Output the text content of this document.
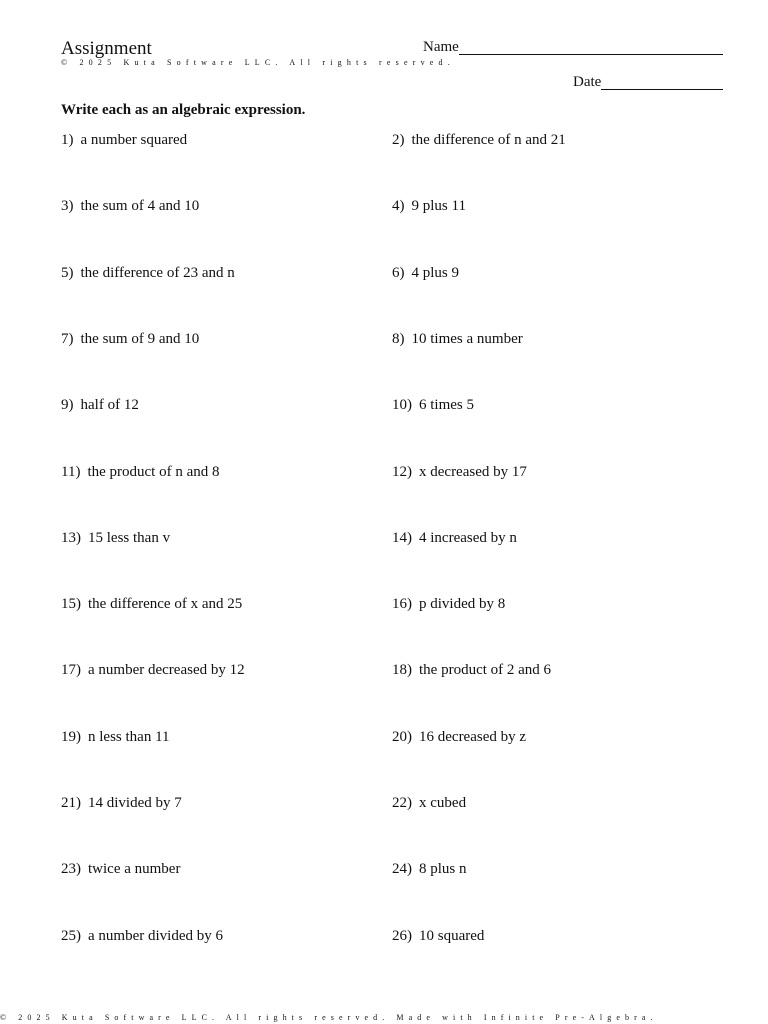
Assignment
© 2025 Kuta Software LLC. All rights reserved.
Name
Date
Write each as an algebraic expression.
1) a number squared	2) the difference of n and 21
3) the sum of 4 and 10	4) 9 plus 11
5) the difference of 23 and n	6) 4 plus 9
7) the sum of 9 and 10	8) 10 times a number
9) half of 12	10) 6 times 5
11) the product of n and 8	12) x decreased by 17
13) 15 less than v	14) 4 increased by n
15) the difference of x and 25	16) p divided by 8
17) a number decreased by 12	18) the product of 2 and 6
19) n less than 11	20) 16 decreased by z
21) 14 divided by 7	22) x cubed
23) twice a number	24) 8 plus n
25) a number divided by 6	26) 10 squared
© 2025 Kuta Software LLC. All rights reserved. Made with Infinite Pre-Algebra.
